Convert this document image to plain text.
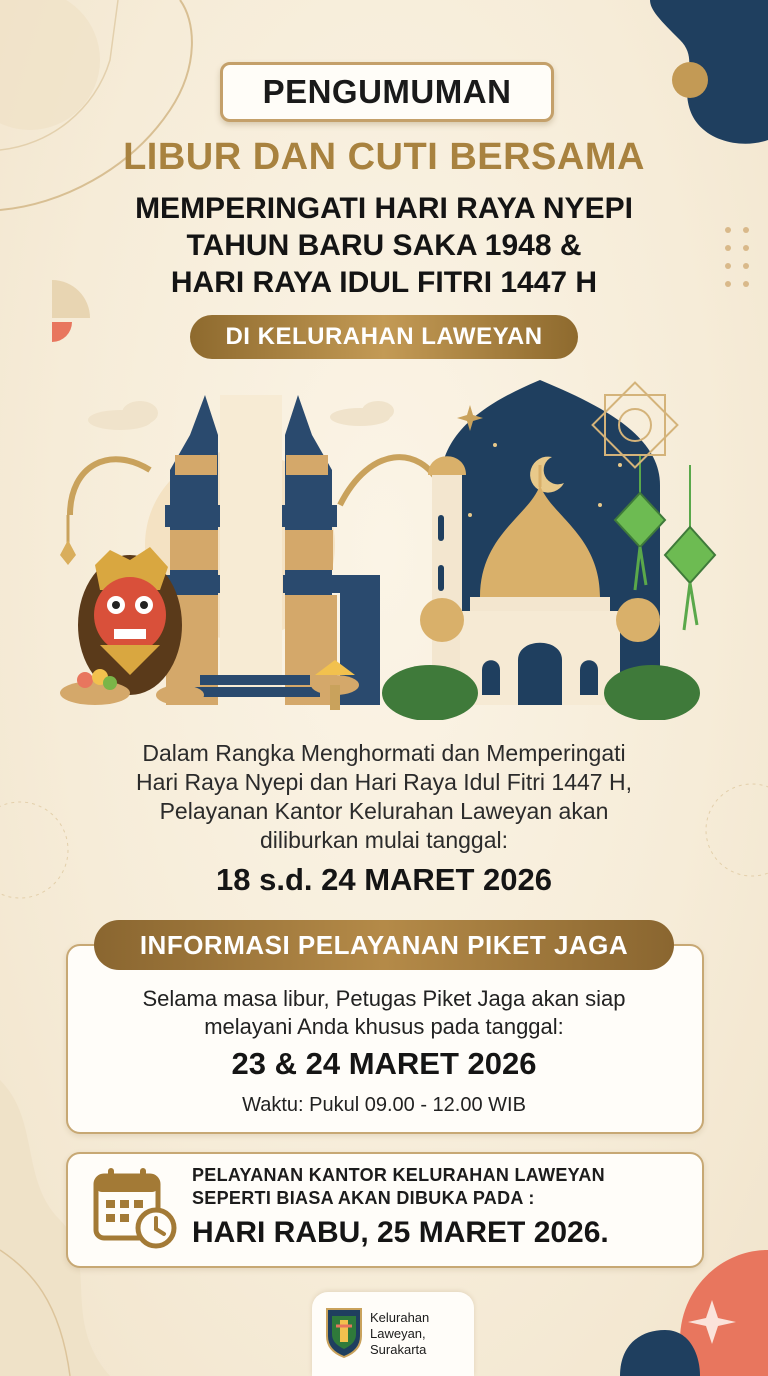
PENGUMUMAN
LIBUR DAN CUTI BERSAMA
MEMPERINGATI HARI RAYA NYEPI
TAHUN BARU SAKA 1948 &
HARI RAYA IDUL FITRI 1447 H
DI KELURAHAN LAWEYAN
Dalam Rangka Menghormati dan Memperingati
Hari Raya Nyepi dan Hari Raya Idul Fitri 1447 H,
Pelayanan Kantor Kelurahan Laweyan akan
diliburkan mulai tanggal:
18 s.d. 24 MARET 2026
INFORMASI PELAYANAN PIKET JAGA
Selama masa libur, Petugas Piket Jaga akan siap
melayani Anda khusus pada tanggal:
23 & 24 MARET 2026
Waktu: Pukul 09.00 - 12.00 WIB
PELAYANAN KANTOR KELURAHAN LAWEYAN
SEPERTI BIASA AKAN DIBUKA PADA :
HARI RABU, 25 MARET 2026.
Kelurahan
Laweyan,
Surakarta
